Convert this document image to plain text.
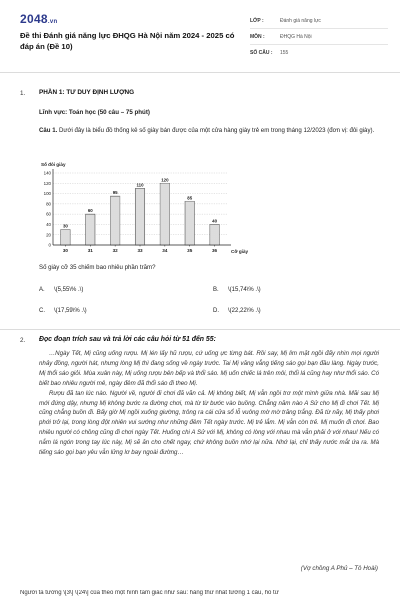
2048.vn
Đề thi Đánh giá năng lực ĐHQG Hà Nội năm 2024 - 2025 có đáp án (Đề 10)
LỚP :	Đánh giá năng lực
MÔN :	ĐHQG Hà Nội
SỐ CÂU :	155
1. PHẦN 1: TƯ DUY ĐỊNH LƯỢNG
Lĩnh vực: Toán học (50 câu – 75 phút)
Câu 1. Dưới đây là biểu đồ thống kê số giày bán được của một cửa hàng giày trẻ em trong tháng 12/2023 (đơn vị: đôi giày).
Số đôi giày
Cỡ giày
0
20
40
60
80
100
120
140
30
60
95
110
120
85
40
30	31	32	33	34	35	36
Số giày cỡ 35 chiếm bao nhiêu phần trăm?
A. \(5,55\% .\)	B. \(15,74\% .\)
C. \(17,59\% .\)	D. \(22,22\% .\)
2. Đọc đoạn trích sau và trả lời các câu hỏi từ 51 đến 55:

…Ngày Tết, Mị cũng uống rượu. Mị lén lấy hũ rượu, cứ uống ực từng bát. Rồi say, Mị lim mặt ngồi đấy nhìn mọi người nhảy đồng, người hát, nhưng lòng Mị thì đang sống về ngày trước. Tai Mị văng vẳng tiếng sáo gọi bạn đầu làng. Ngày trước, Mị thổi sáo giỏi. Mùa xuân này, Mị uống rượu bên bếp và thổi sáo. Mị uốn chiếc lá trên môi, thổi lá cũng hay như thổi sáo. Có biết bao nhiêu người mê, ngày đêm đã thổi sáo đi theo Mị.

Rượu đã tan lúc nào. Người về, người đi chơi đã vãn cả. Mị không biết, Mị vẫn ngồi trơ một mình giữa nhà. Mãi sau Mị mới đứng dậy, nhưng Mị không bước ra đường chơi, mà từ từ bước vào buồng. Chẳng năm nào A Sử cho Mị đi chơi Tết. Mị cũng chẳng buồn đi. Bấy giờ Mị ngồi xuống giường, trông ra cái cửa sổ lỗ vuông mờ mờ trăng trắng. Đã từ nãy, Mị thấy phơi phới trở lại, trong lòng đột nhiên vui sướng như những đêm Tết ngày trước. Mị trẻ lắm. Mị vẫn còn trẻ. Mị muốn đi chơi. Bao nhiêu người có chồng cũng đi chơi ngày Tết. Huống chi A Sử với Mị, không có lòng với nhau mà vẫn phải ở với nhau! Nếu có nắm lá ngón trong tay lúc này, Mị sẽ ăn cho chết ngay, chứ không buồn nhớ lại nữa. Nhớ lại, chỉ thấy nước mắt ứa ra. Mà tiếng sáo gọi bạn yêu vẫn lửng lơ bay ngoài đường…

(Vợ chồng A Phủ – Tô Hoài)
Người ta tường \[3\] \(24\] của theo một hình tam giác như sau: hàng thứ nhất tường 1 câu, hố từ
